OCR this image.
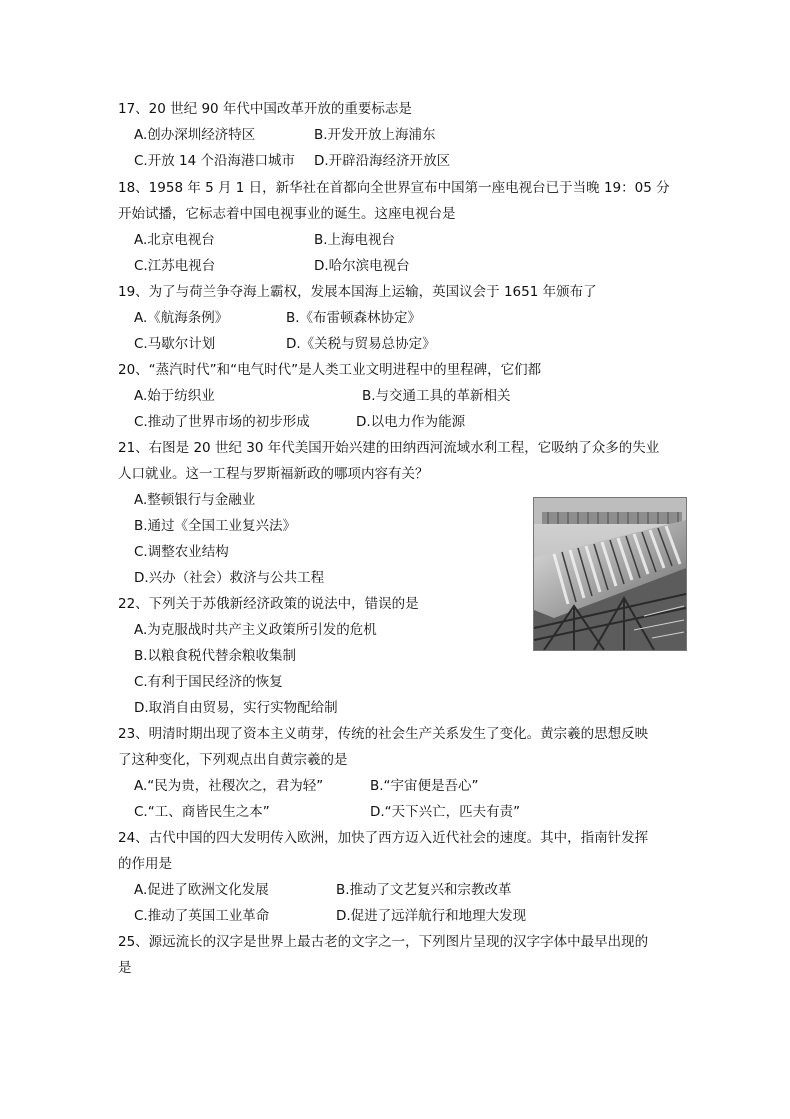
17、20 世纪 90 年代中国改革开放的重要标志是
A.创办深圳经济特区	B.开发开放上海浦东
C.开放 14 个沿海港口城市 D.开辟沿海经济开放区
18、1958 年 5 月 1 日，新华社在首都向全世界宣布中国第一座电视台已于当晚 19：05 分
开始试播，它标志着中国电视事业的诞生。这座电视台是
A.北京电视台	B.上海电视台
C.江苏电视台	D.哈尔滨电视台
19、为了与荷兰争夺海上霸权，发展本国海上运输，英国议会于 1651 年颁布了
A.《航海条例》	B.《布雷顿森林协定》
C.马歇尔计划	D.《关税与贸易总协定》
20、“蒸汽时代”和“电气时代”是人类工业文明进程中的里程碑，它们都
A.始于纺织业	B.与交通工具的革新相关
C.推动了世界市场的初步形成	D.以电力作为能源
21、右图是 20 世纪 30 年代美国开始兴建的田纳西河流域水利工程，它吸纳了众多的失业
人口就业。这一工程与罗斯福新政的哪项内容有关？
A.整顿银行与金融业
B.通过《全国工业复兴法》
C.调整农业结构
D.兴办（社会）救济与公共工程
22、下列关于苏俄新经济政策的说法中，错误的是
A.为克服战时共产主义政策所引发的危机
B.以粮食税代替余粮收集制
C.有利于国民经济的恢复
D.取消自由贸易，实行实物配给制
23、明清时期出现了资本主义萌芽，传统的社会生产关系发生了变化。黄宗羲的思想反映
了这种变化，下列观点出自黄宗羲的是
A.“民为贵，社稷次之，君为轻”	B.“宇宙便是吾心”
C.“工、商皆民生之本”	D.“天下兴亡，匹夫有责”
24、古代中国的四大发明传入欧洲，加快了西方迈入近代社会的速度。其中，指南针发挥
的作用是
A.促进了欧洲文化发展	B.推动了文艺复兴和宗教改革
C.推动了英国工业革命	D.促进了远洋航行和地理大发现
25、源远流长的汉字是世界上最古老的文字之一，下列图片呈现的汉字字体中最早出现的
是
